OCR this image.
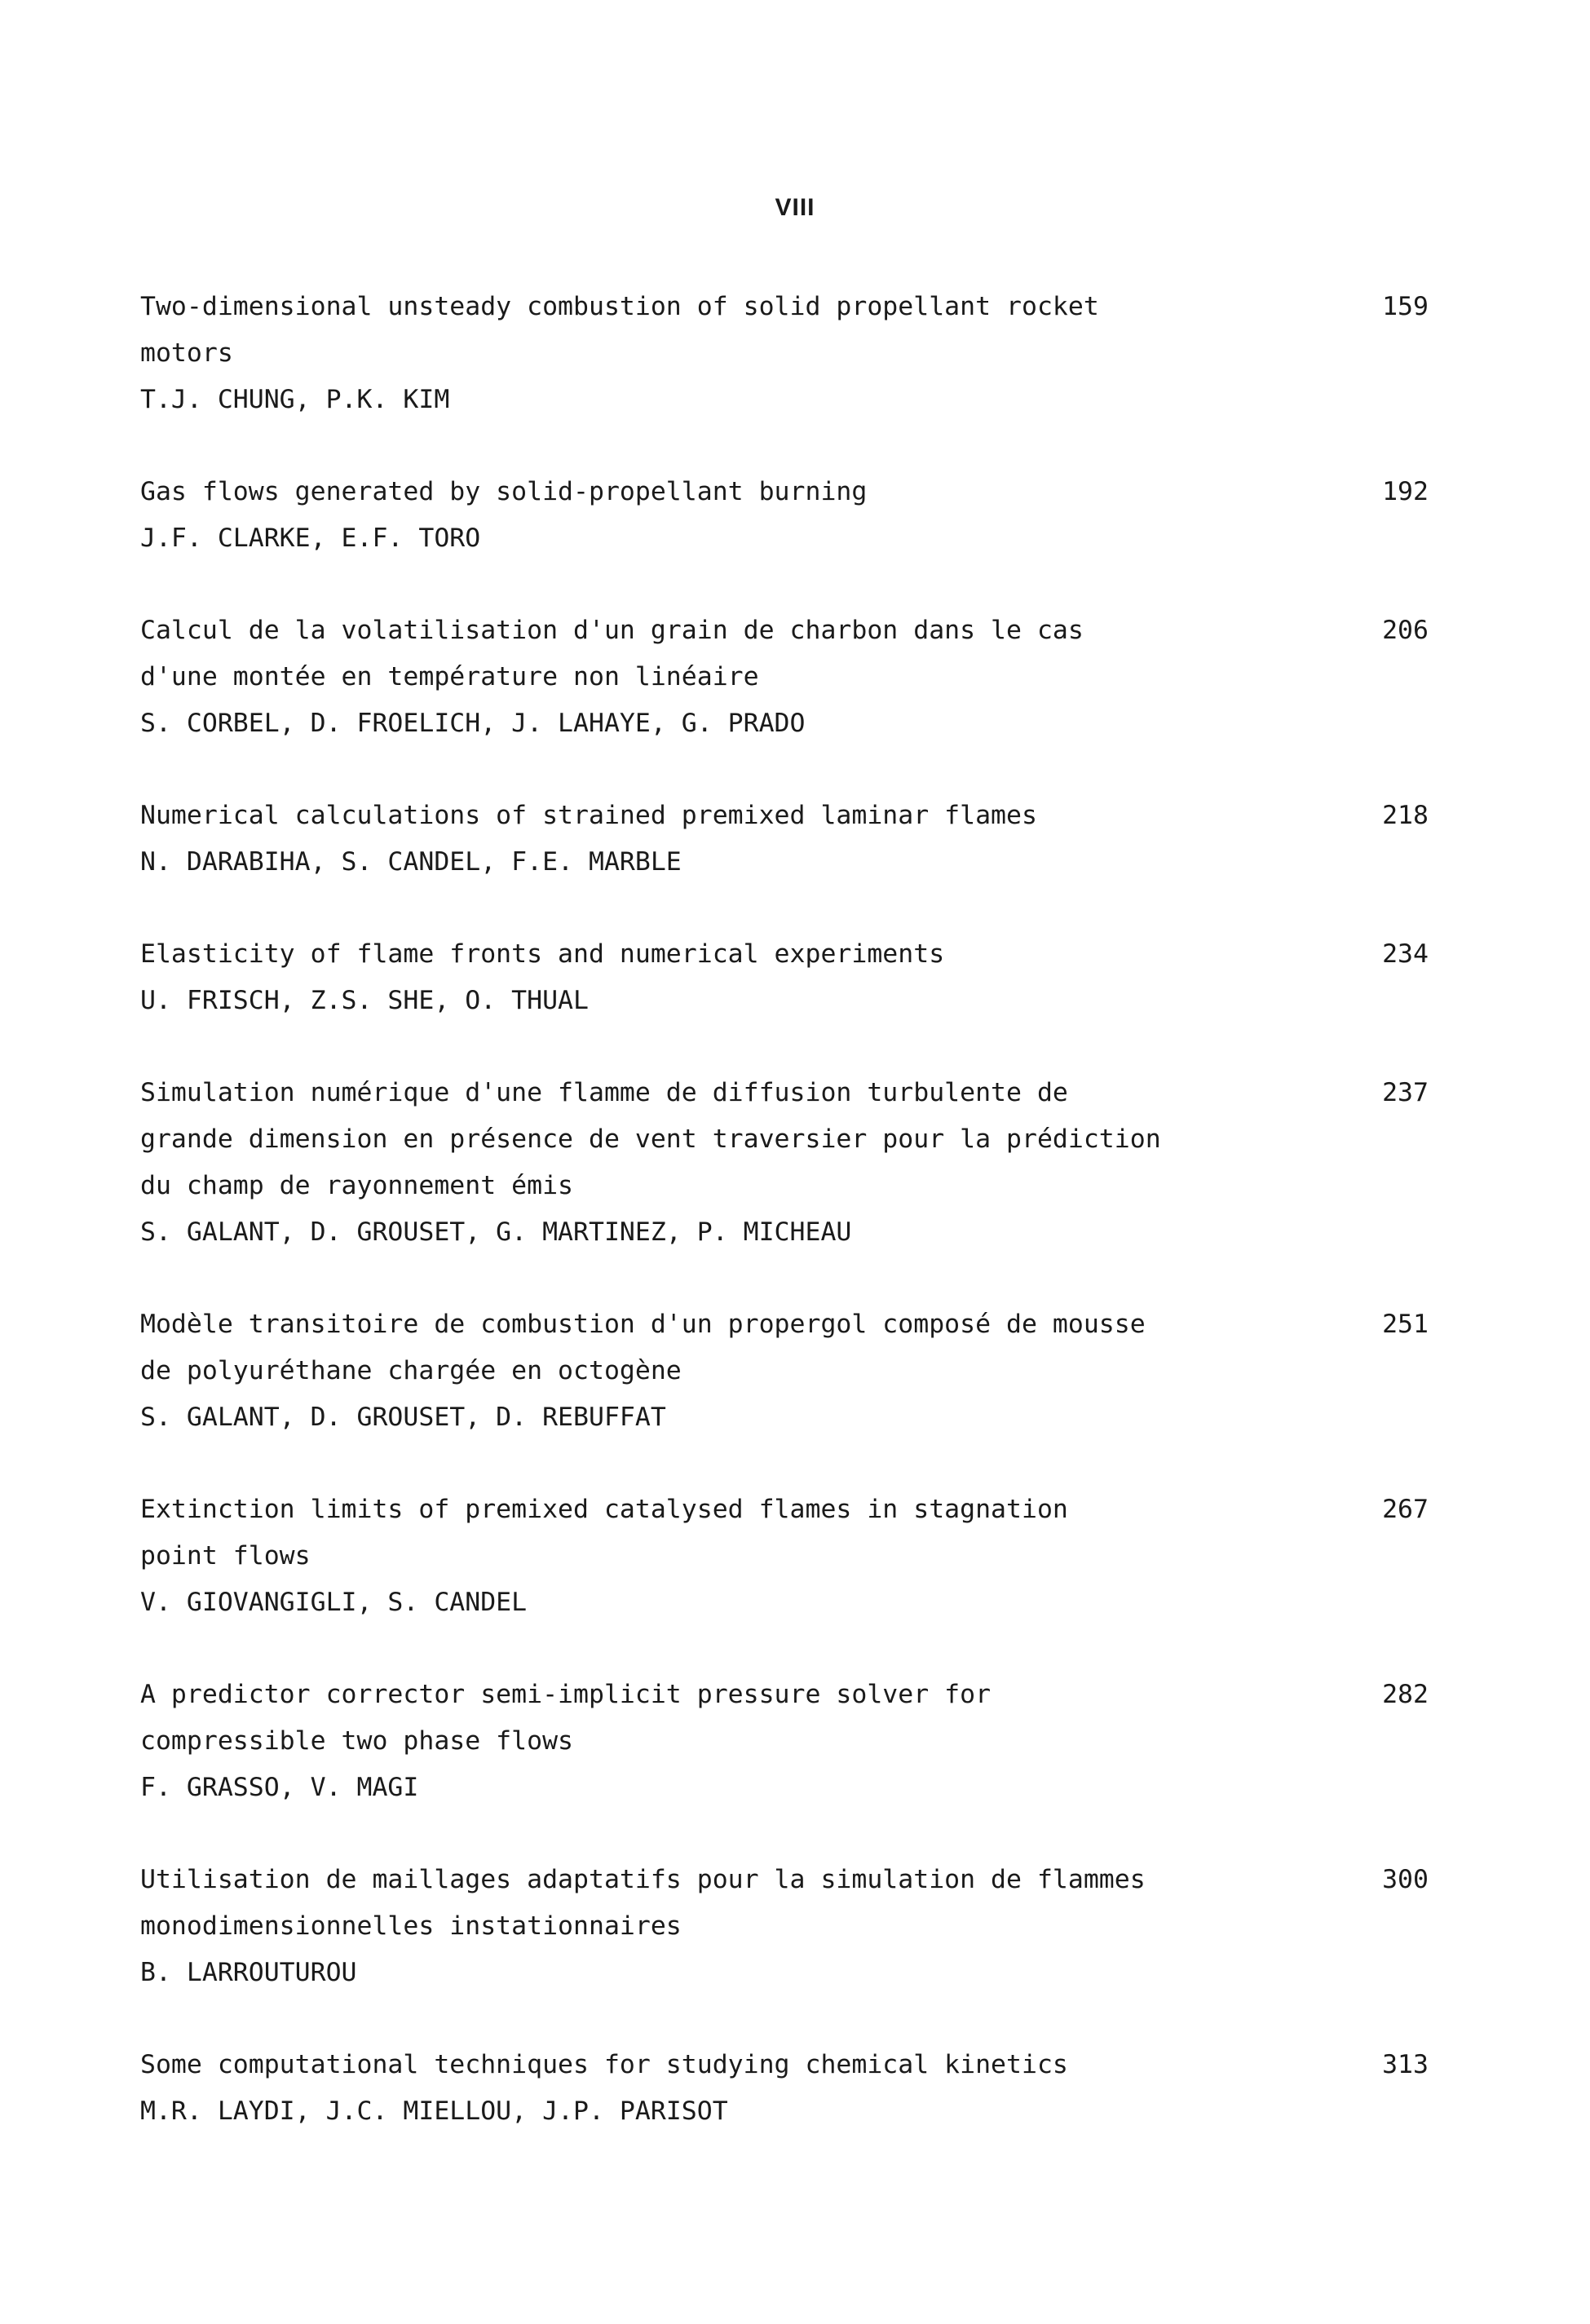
VIII
Two-dimensional unsteady combustion of solid propellant rocket
motors
T.J. CHUNG, P.K. KIM
159
Gas flows generated by solid-propellant burning
J.F. CLARKE, E.F. TORO
192
Calcul de la volatilisation d'un grain de charbon dans le cas
d'une montée en température non linéaire
S. CORBEL, D. FROELICH, J. LAHAYE, G. PRADO
206
Numerical calculations of strained premixed laminar flames
N. DARABIHA, S. CANDEL, F.E. MARBLE
218
Elasticity of flame fronts and numerical experiments
U. FRISCH, Z.S. SHE, O. THUAL
234
Simulation numérique d'une flamme de diffusion turbulente de
grande dimension en présence de vent traversier pour la prédiction
du champ de rayonnement émis
S. GALANT, D. GROUSET, G. MARTINEZ, P. MICHEAU
237
Modèle transitoire de combustion d'un propergol composé de mousse
de polyuréthane chargée en octogène
S. GALANT, D. GROUSET, D. REBUFFAT
251
Extinction limits of premixed catalysed flames in stagnation
point flows
V. GIOVANGIGLI, S. CANDEL
267
A predictor corrector semi-implicit pressure solver for
compressible two phase flows
F. GRASSO, V. MAGI
282
Utilisation de maillages adaptatifs pour la simulation de flammes
monodimensionnelles instationnaires
B. LARROUTUROU
300
Some computational techniques for studying chemical kinetics
M.R. LAYDI, J.C. MIELLOU, J.P. PARISOT
313
